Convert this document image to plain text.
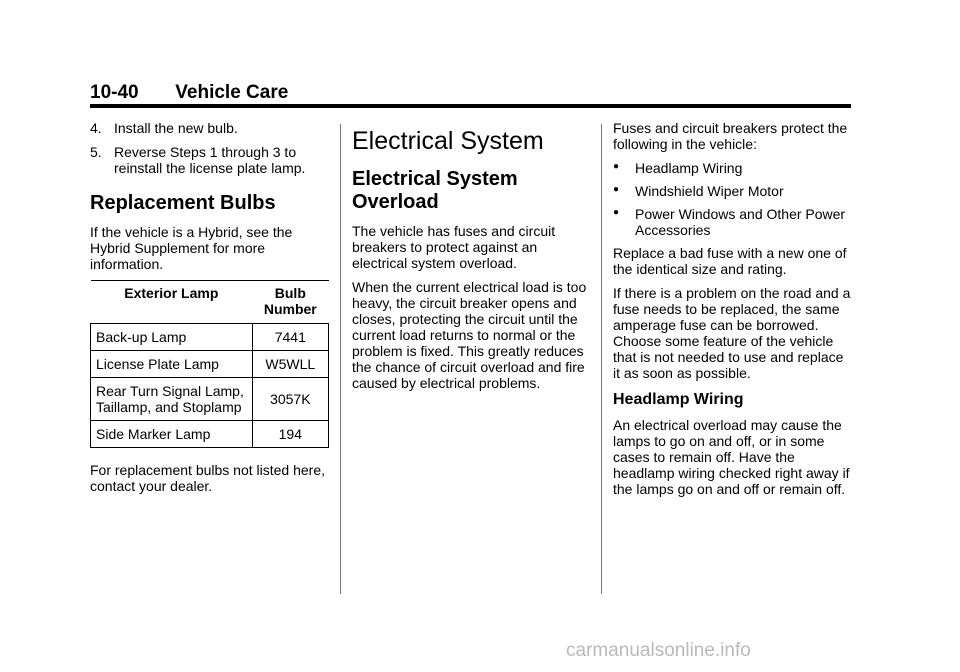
10-40 Vehicle Care
4. Install the new bulb.
5. Reverse Steps 1 through 3 to reinstall the license plate lamp.
Replacement Bulbs

If the vehicle is a Hybrid, see the Hybrid Supplement for more information.

Exterior Lamp	Bulb Number
Back-up Lamp	7441
License Plate Lamp	W5WLL
Rear Turn Signal Lamp, Taillamp, and Stoplamp	3057K
Side Marker Lamp	194

For replacement bulbs not listed here, contact your dealer.

Electrical System
Electrical System Overload

The vehicle has fuses and circuit breakers to protect against an electrical system overload.

When the current electrical load is too heavy, the circuit breaker opens and closes, protecting the circuit until the current load returns to normal or the problem is fixed. This greatly reduces the chance of circuit overload and fire caused by electrical problems.

Fuses and circuit breakers protect the following in the vehicle:

●	Headlamp Wiring
●	Windshield Wiper Motor
●	Power Windows and Other Power Accessories

Replace a bad fuse with a new one of the identical size and rating.

If there is a problem on the road and a fuse needs to be replaced, the same amperage fuse can be borrowed. Choose some feature of the vehicle that is not needed to use and replace it as soon as possible.

Headlamp Wiring

An electrical overload may cause the lamps to go on and off, or in some cases to remain off. Have the headlamp wiring checked right away if the lamps go on and off or remain off.

carmanualsonline.info
